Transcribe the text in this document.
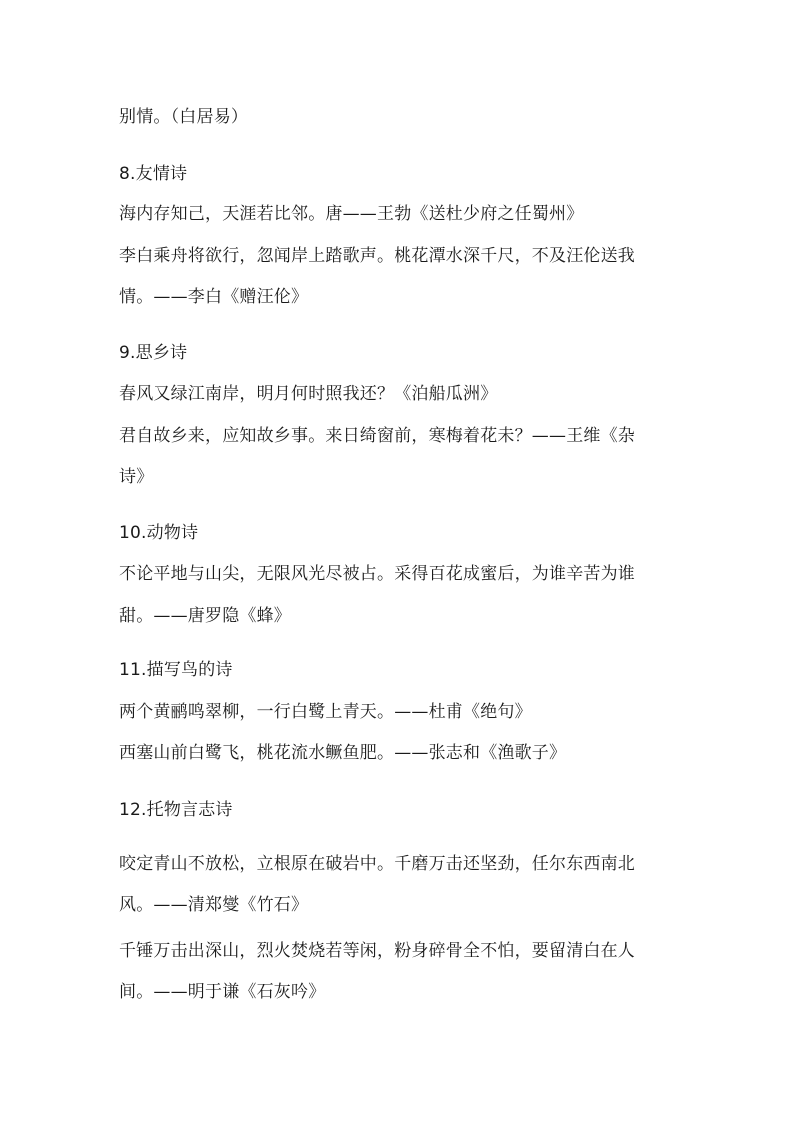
别情。（白居易）
8.友情诗
海内存知己，天涯若比邻。唐——王勃《送杜少府之任蜀州》
李白乘舟将欲行，忽闻岸上踏歌声。桃花潭水深千尺，不及汪伦送我
情。——李白《赠汪伦》
9.思乡诗
春风又绿江南岸，明月何时照我还？《泊船瓜洲》
君自故乡来，应知故乡事。来日绮窗前，寒梅着花未？——王维《杂
诗》
10.动物诗
不论平地与山尖，无限风光尽被占。采得百花成蜜后，为谁辛苦为谁
甜。——唐罗隐《蜂》
11.描写鸟的诗
两个黄鹂鸣翠柳，一行白鹭上青天。——杜甫《绝句》
西塞山前白鹭飞，桃花流水鳜鱼肥。——张志和《渔歌子》
12.托物言志诗
咬定青山不放松，立根原在破岩中。千磨万击还坚劲，任尔东西南北
风。——清郑燮《竹石》
千锤万击出深山，烈火焚烧若等闲，粉身碎骨全不怕，要留清白在人
间。——明于谦《石灰吟》
